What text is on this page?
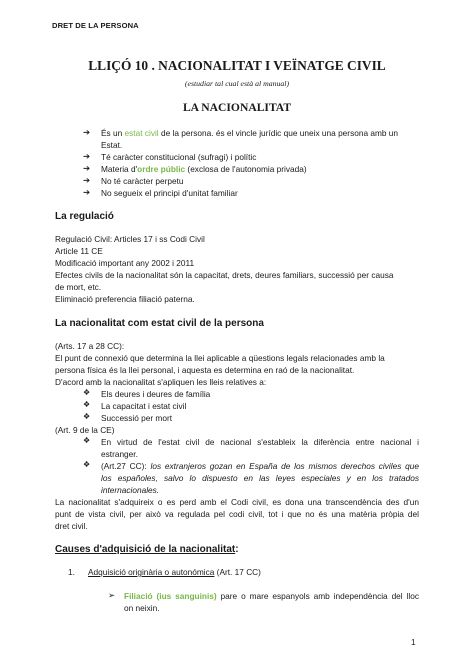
DRET DE LA PERSONA
LLIÇÓ 10 . NACIONALITAT I VEÏNATGE CIVIL
(estudiar tal cual està al manual)
LA NACIONALITAT
➔ És un estat civil de la persona. és el vincle jurídic que uneix una persona amb un
Estat.
➔ Té caràcter constitucional (sufragi) i polític
➔ Materia d'ordre públic (exclosa de l'autonomia privada)
➔ No té caràcter perpetu
➔ No segueix el principi d'unitat familiar
La regulació
Regulació Civil: Articles 17 i ss Codi Civil
Article 11 CE
Modificació important any 2002 i 2011
Efectes civils de la nacionalitat són la capacitat, drets, deures familiars, successió per causa
de mort, etc.
Eliminació preferencia filiació paterna.
La nacionalitat com estat civil de la persona
(Arts. 17 a 28 CC):
El punt de connexió que determina la llei aplicable a qüestions legals relacionades amb la
persona física és la llei personal, i aquesta es determina en raó de la nacionalitat.
D'acord amb la nacionalitat s'apliquen les lleis relatives a:
❖ Els deures i deures de família
❖ La capacitat i estat civil
❖ Successió per mort
(Art. 9 de la CE)
❖ En virtud de l'estat civil de nacional s'estableix la diferència entre nacional i
estranger.
❖ (Art.27 CC): los extranjeros gozan en España de los mismos derechos civiles que
los españoles, salvo lo dispuesto en las leyes especiales y en los tratados
internacionales.
La nacionalitat s'adquireix o es perd amb el Codi civil, es dona una transcendència des d'un
punt de vista civil, per això va regulada pel codi civil, tot i que no és una matèria pròpia del
dret civil.
Causes d'adquisició de la nacionalitat:
1. Adquisició originària o autonómica (Art. 17 CC)
➢ Filiació (ius sanguinis) pare o mare espanyols amb independència del lloc
on neixin.
1
